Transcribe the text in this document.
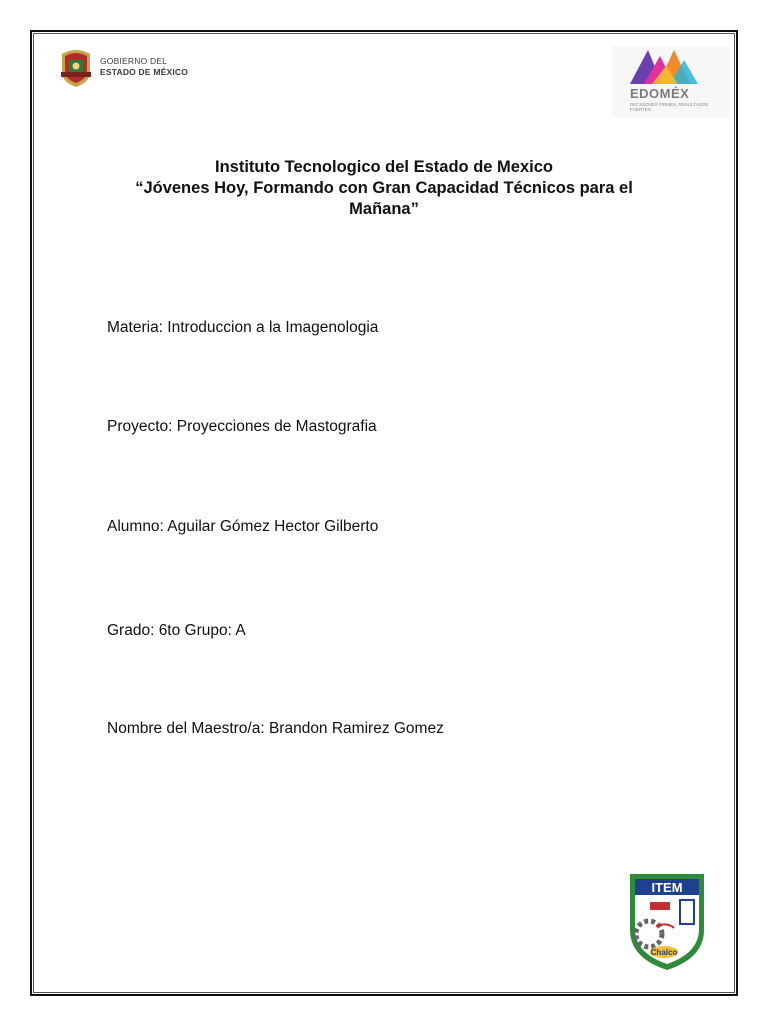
GOBIERNO DEL
ESTADO DE MÉXICO
EDOMÉX
DECISIONES FIRMES, RESULTADOS FUERTES.
Instituto Tecnologico del Estado de Mexico
“Jóvenes Hoy, Formando con Gran Capacidad Técnicos para el
Mañana”
Materia: Introduccion a la Imagenologia
Proyecto: Proyecciones de Mastografia
Alumno: Aguilar Gómez Hector Gilberto
Grado: 6to Grupo: A
Nombre del Maestro/a: Brandon Ramirez Gomez
ITEM
Chalco
